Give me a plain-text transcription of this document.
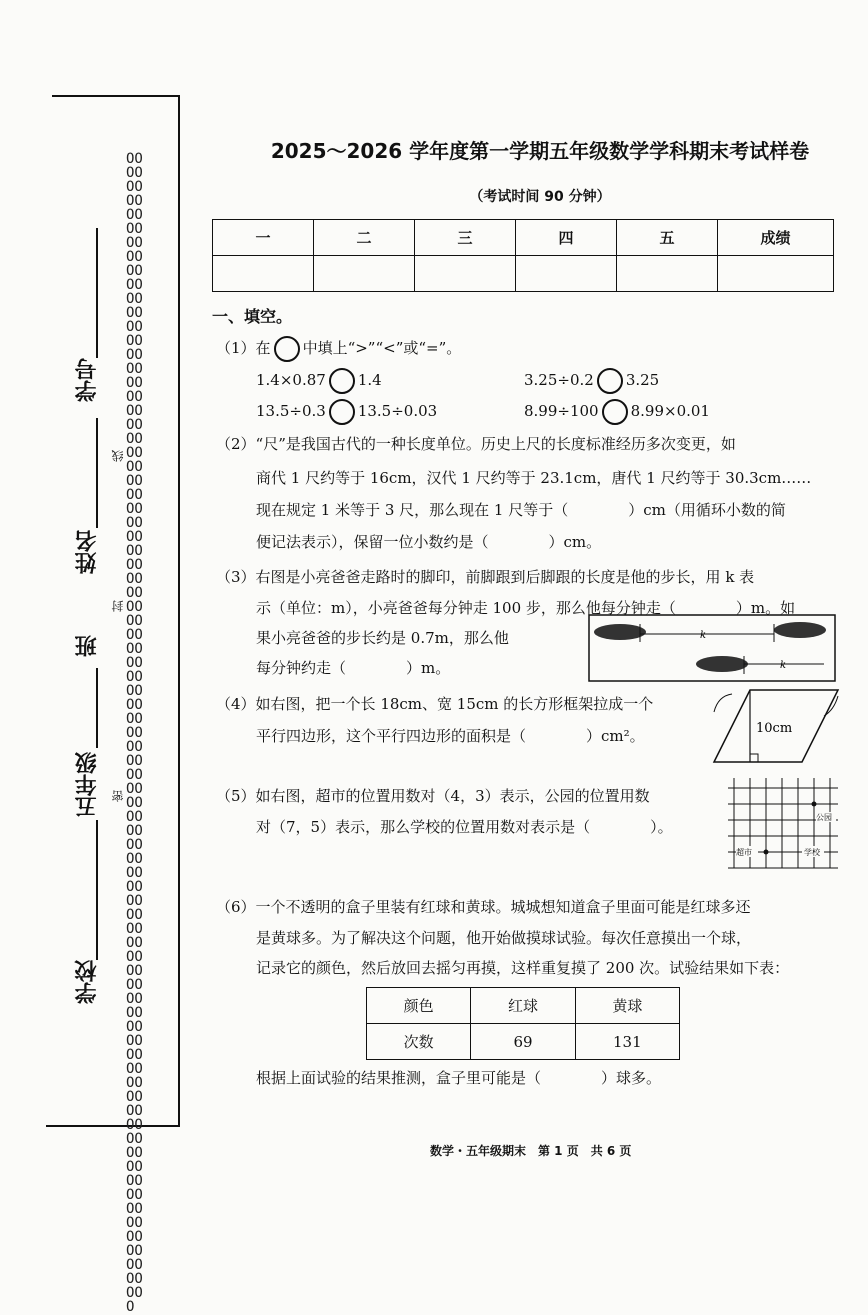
OOOOOOOOOOOOOOOOOOOOOOOOOOOOOOOOOOOOOOOOOOOOOOOOOOOOOOOOOOOOOOOOOOOOOOOOOOOOOOOOOOOOOOOOOOOOOOOOOOOOOOOOOOOOOOOOOOOOOOOOOOOOOOOOOOOOOOOOOOOOOOOOOOOOOOOOOOOOOOOOOOOOO
学校
五年级
班
姓名
学号
线
封
密
2025～2026 学年度第一学期五年级数学学科期末考试样卷
（考试时间 90 分钟）
一	二	三	四	五	成绩

一、填空。
（1）在 中填上“>”“<”或“=”。
1.4×0.87 1.4	3.25÷0.2 3.25
13.5÷0.3 13.5÷0.03	8.99÷100 8.99×0.01
（2）“尺”是我国古代的一种长度单位。历史上尺的长度标准经历多次变更，如
商代 1 尺约等于 16cm，汉代 1 尺约等于 23.1cm，唐代 1 尺约等于 30.3cm……
现在规定 1 米等于 3 尺，那么现在 1 尺等于（　　　　）cm（用循环小数的简
便记法表示），保留一位小数约是（　　　　）cm。
（3）右图是小亮爸爸走路时的脚印，前脚跟到后脚跟的长度是他的步长，用 k 表
示（单位：m），小亮爸爸每分钟走 100 步，那么他每分钟走（　　　　）m。如
果小亮爸爸的步长约是 0.7m，那么他
每分钟约走（　　　　）m。
k
k
（4）如右图，把一个长 18cm、宽 15cm 的长方形框架拉成一个
平行四边形，这个平行四边形的面积是（　　　　）cm²。	10cm
（5）如右图，超市的位置用数对（4，3）表示，公园的位置用数
对（7，5）表示，那么学校的位置用数对表示是（　　　　）。
公园
超市	学校
（6）一个不透明的盒子里装有红球和黄球。城城想知道盒子里面可能是红球多还
是黄球多。为了解决这个问题，他开始做摸球试验。每次任意摸出一个球，
记录它的颜色，然后放回去摇匀再摸，这样重复摸了 200 次。试验结果如下表：
颜色	红球	黄球
次数	69	131
根据上面试验的结果推测，盒子里可能是（　　　　）球多。
数学・五年级期末　第 1 页　共 6 页
